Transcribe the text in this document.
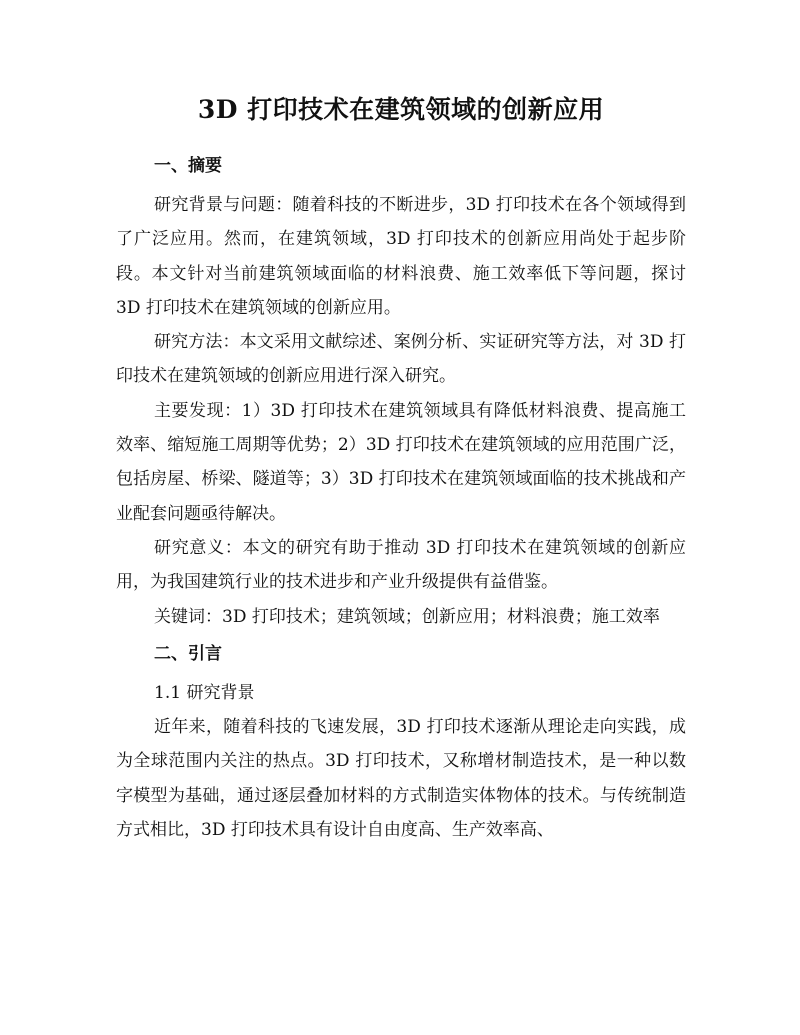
3D 打印技术在建筑领域的创新应用
一、摘要

研究背景与问题：随着科技的不断进步，3D 打印技术在各个领域得到了广泛应用。然而，在建筑领域，3D 打印技术的创新应用尚处于起步阶段。本文针对当前建筑领域面临的材料浪费、施工效率低下等问题，探讨 3D 打印技术在建筑领域的创新应用。

研究方法：本文采用文献综述、案例分析、实证研究等方法，对 3D 打印技术在建筑领域的创新应用进行深入研究。

主要发现：1）3D 打印技术在建筑领域具有降低材料浪费、提高施工效率、缩短施工周期等优势；2）3D 打印技术在建筑领域的应用范围广泛，包括房屋、桥梁、隧道等；3）3D 打印技术在建筑领域面临的技术挑战和产业配套问题亟待解决。

研究意义：本文的研究有助于推动 3D 打印技术在建筑领域的创新应用，为我国建筑行业的技术进步和产业升级提供有益借鉴。

关键词：3D 打印技术；建筑领域；创新应用；材料浪费；施工效率

二、引言

1.1 研究背景

近年来，随着科技的飞速发展，3D 打印技术逐渐从理论走向实践，成为全球范围内关注的热点。3D 打印技术，又称增材制造技术，是一种以数字模型为基础，通过逐层叠加材料的方式制造实体物体的技术。与传统制造方式相比，3D 打印技术具有设计自由度高、生产效率高、
